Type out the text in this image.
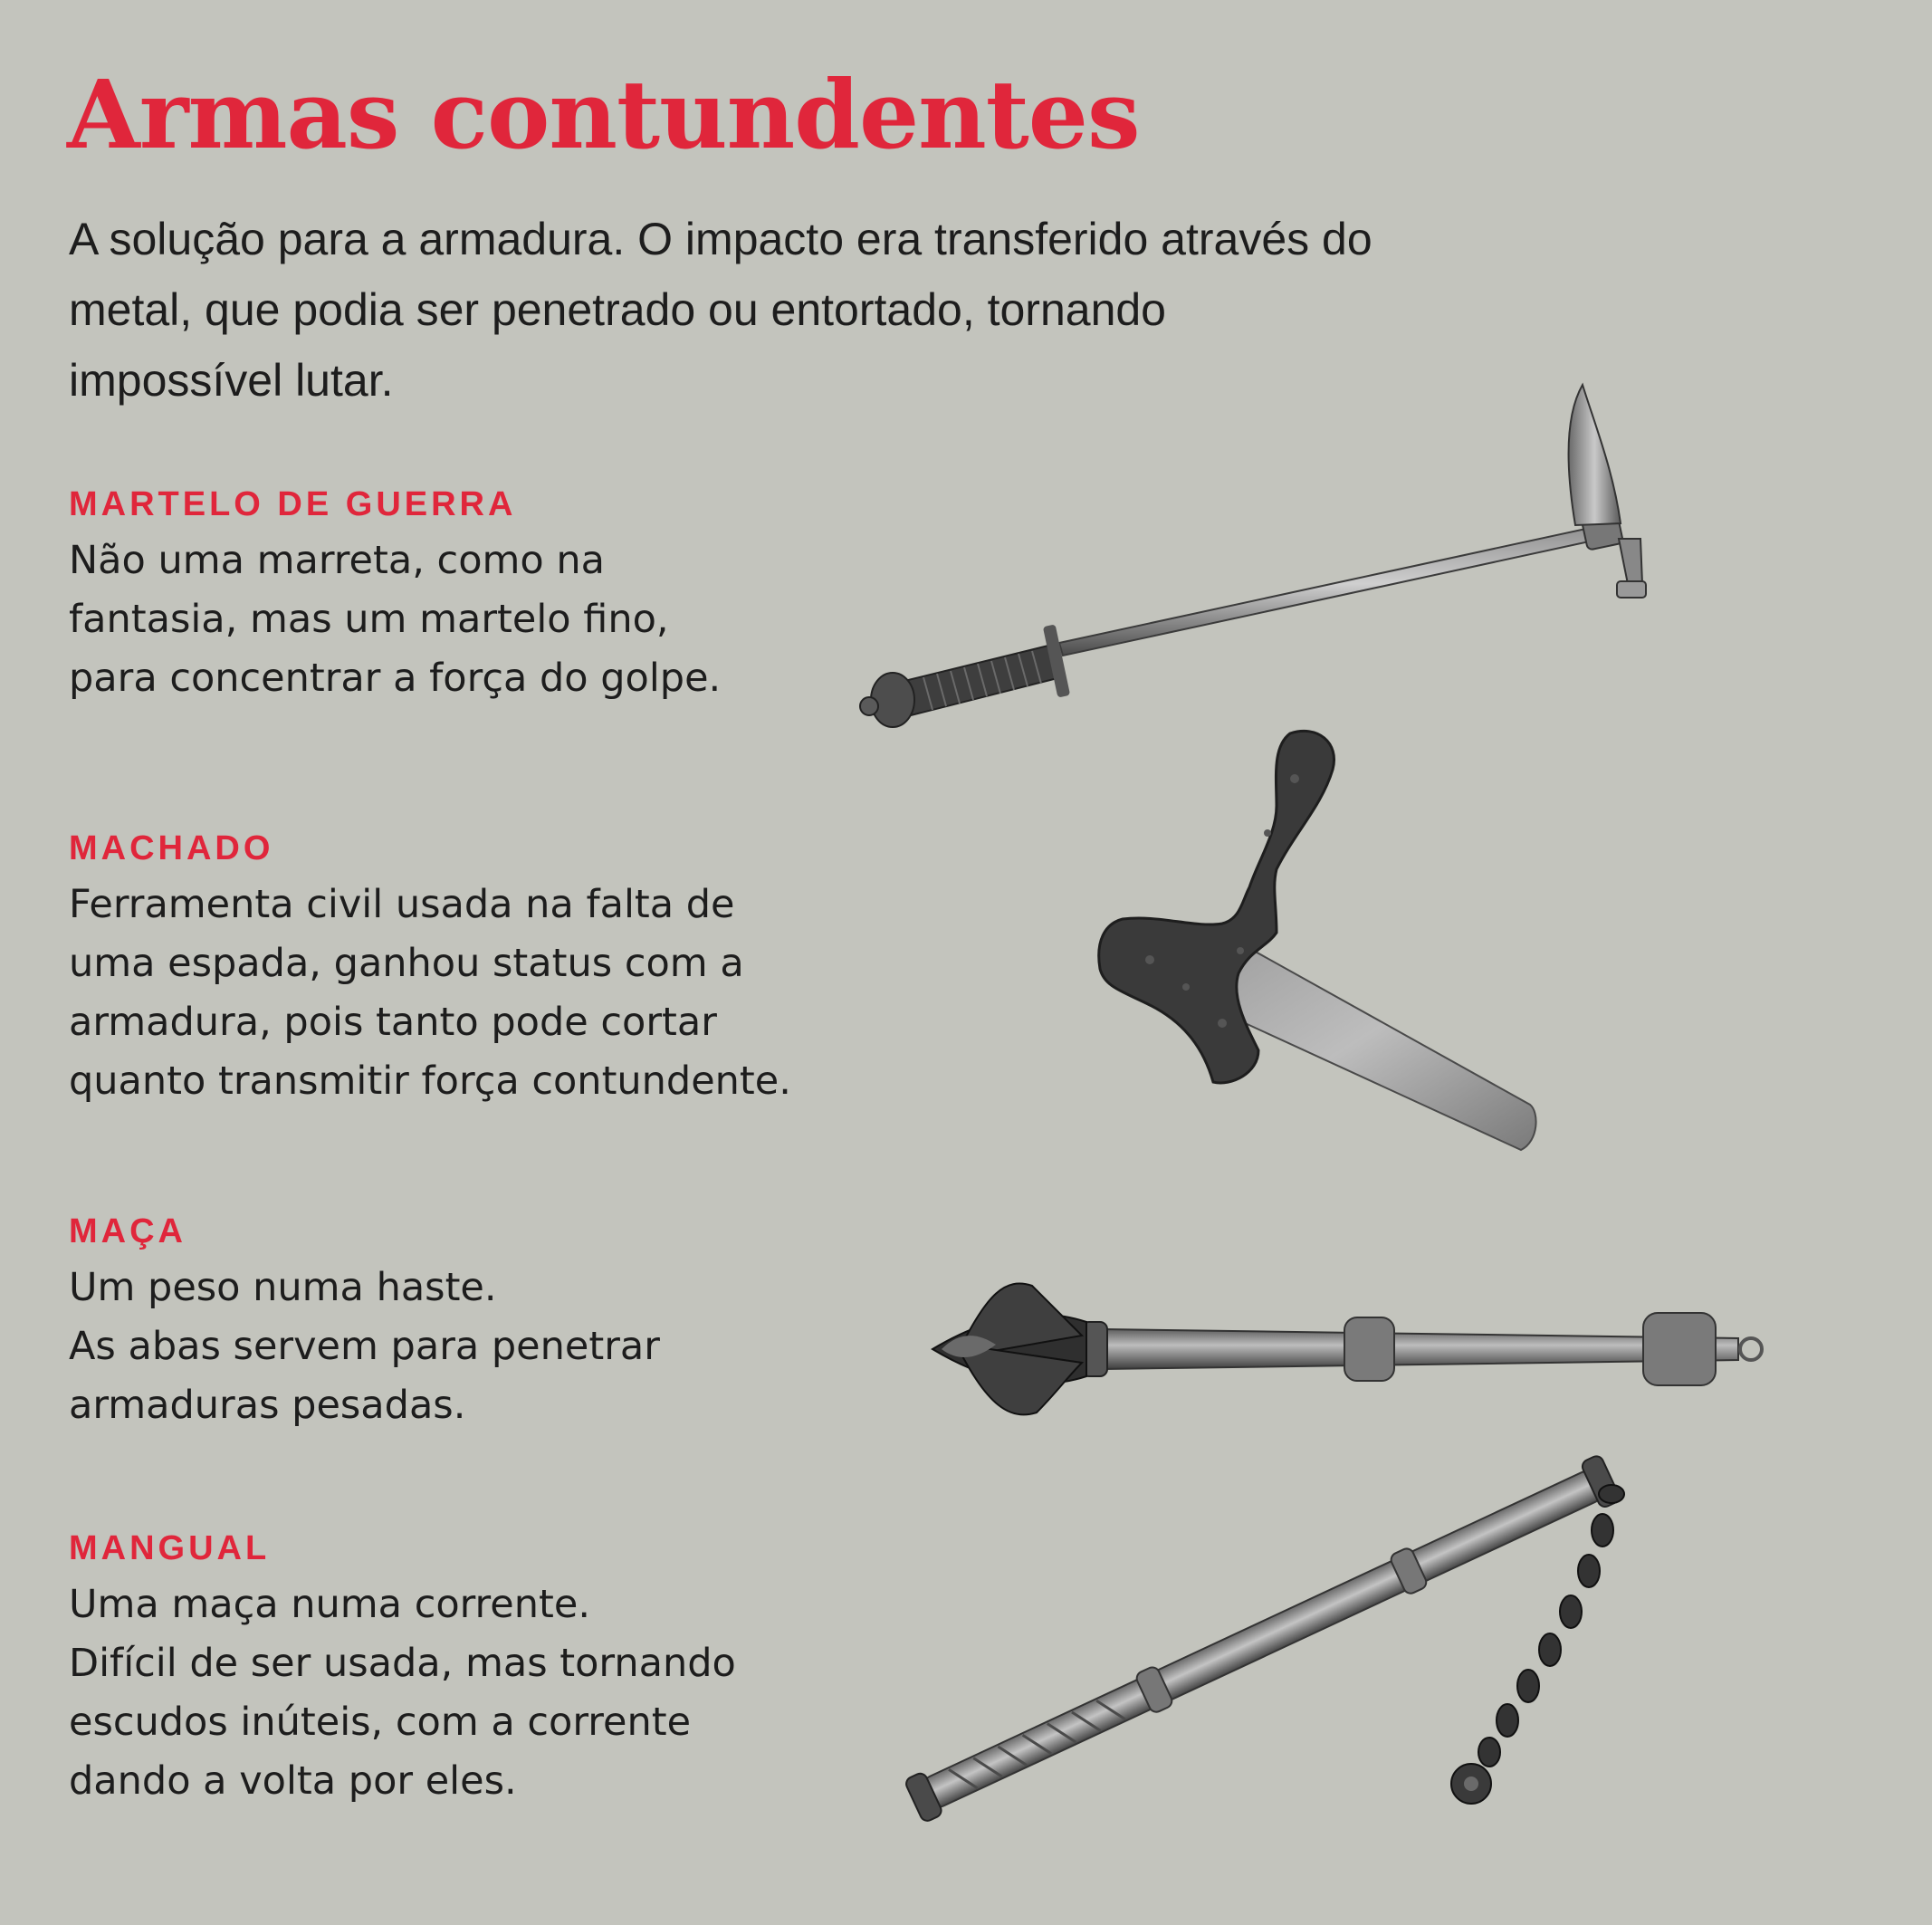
Armas contundentes

A solução para a armadura. O impacto era transferido através do metal, que podia ser penetrado ou entortado, tornando impossível lutar.

MARTELO DE GUERRA

Não uma marreta, como na
fantasia, mas um martelo fino,
para concentrar a força do golpe.

MACHADO

Ferramenta civil usada na falta de
uma espada, ganhou status com a
armadura, pois tanto pode cortar
quanto transmitir força contundente.

MAÇA

Um peso numa haste.
As abas servem para penetrar
armaduras pesadas.

MANGUAL

Uma maça numa corrente.
Difícil de ser usada, mas tornando
escudos inúteis, com a corrente
dando a volta por eles.
